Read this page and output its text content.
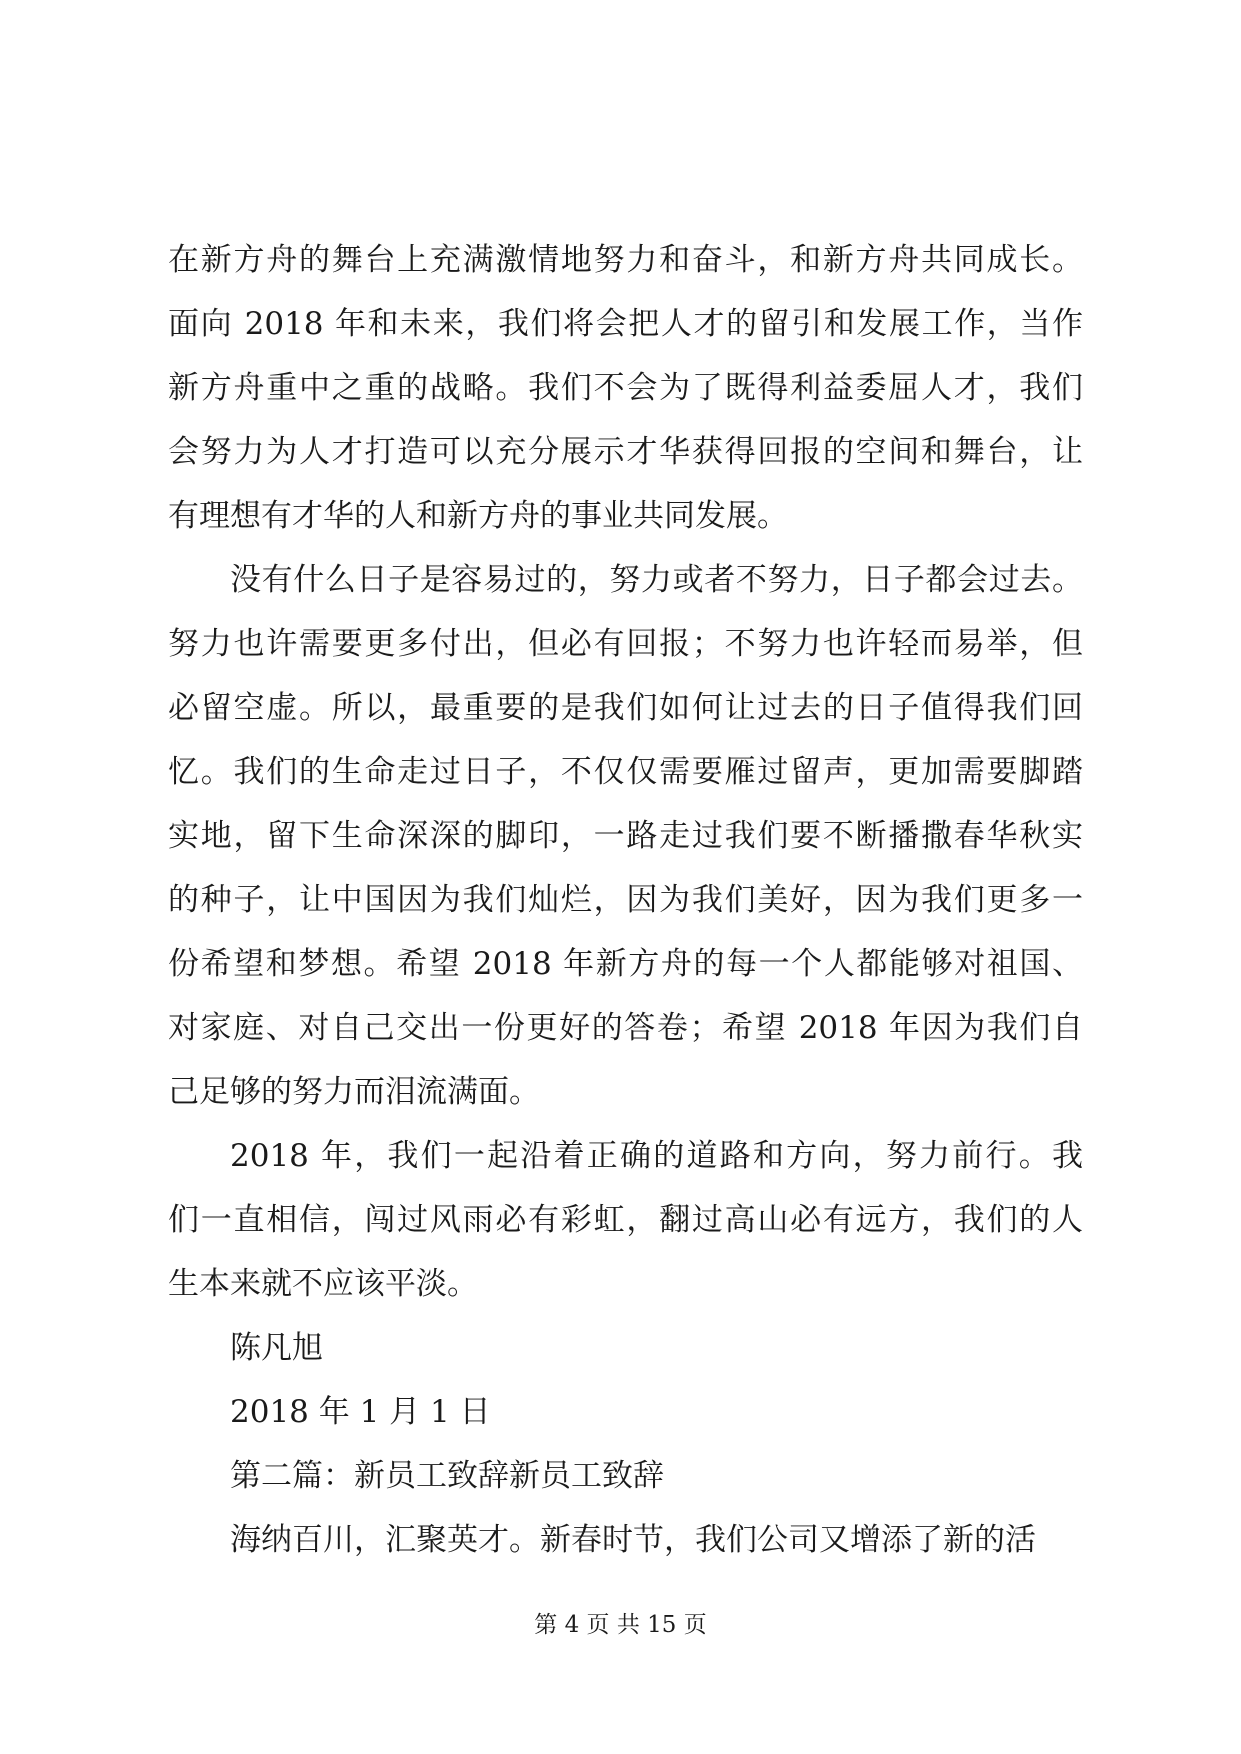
在新方舟的舞台上充满激情地努力和奋斗，和新方舟共同成长。
面向 2018 年和未来，我们将会把人才的留引和发展工作，当作
新方舟重中之重的战略。我们不会为了既得利益委屈人才，我们
会努力为人才打造可以充分展示才华获得回报的空间和舞台，让
有理想有才华的人和新方舟的事业共同发展。
没有什么日子是容易过的，努力或者不努力，日子都会过去。
努力也许需要更多付出，但必有回报；不努力也许轻而易举，但
必留空虚。所以，最重要的是我们如何让过去的日子值得我们回
忆。我们的生命走过日子，不仅仅需要雁过留声，更加需要脚踏
实地，留下生命深深的脚印，一路走过我们要不断播撒春华秋实
的种子，让中国因为我们灿烂，因为我们美好，因为我们更多一
份希望和梦想。希望 2018 年新方舟的每一个人都能够对祖国、
对家庭、对自己交出一份更好的答卷；希望 2018 年因为我们自
己足够的努力而泪流满面。
2018 年，我们一起沿着正确的道路和方向，努力前行。我
们一直相信，闯过风雨必有彩虹，翻过高山必有远方，我们的人
生本来就不应该平淡。
陈凡旭
2018 年 1 月 1 日
第二篇：新员工致辞新员工致辞
海纳百川，汇聚英才。新春时节，我们公司又增添了新的活
第 4 页 共 15 页
